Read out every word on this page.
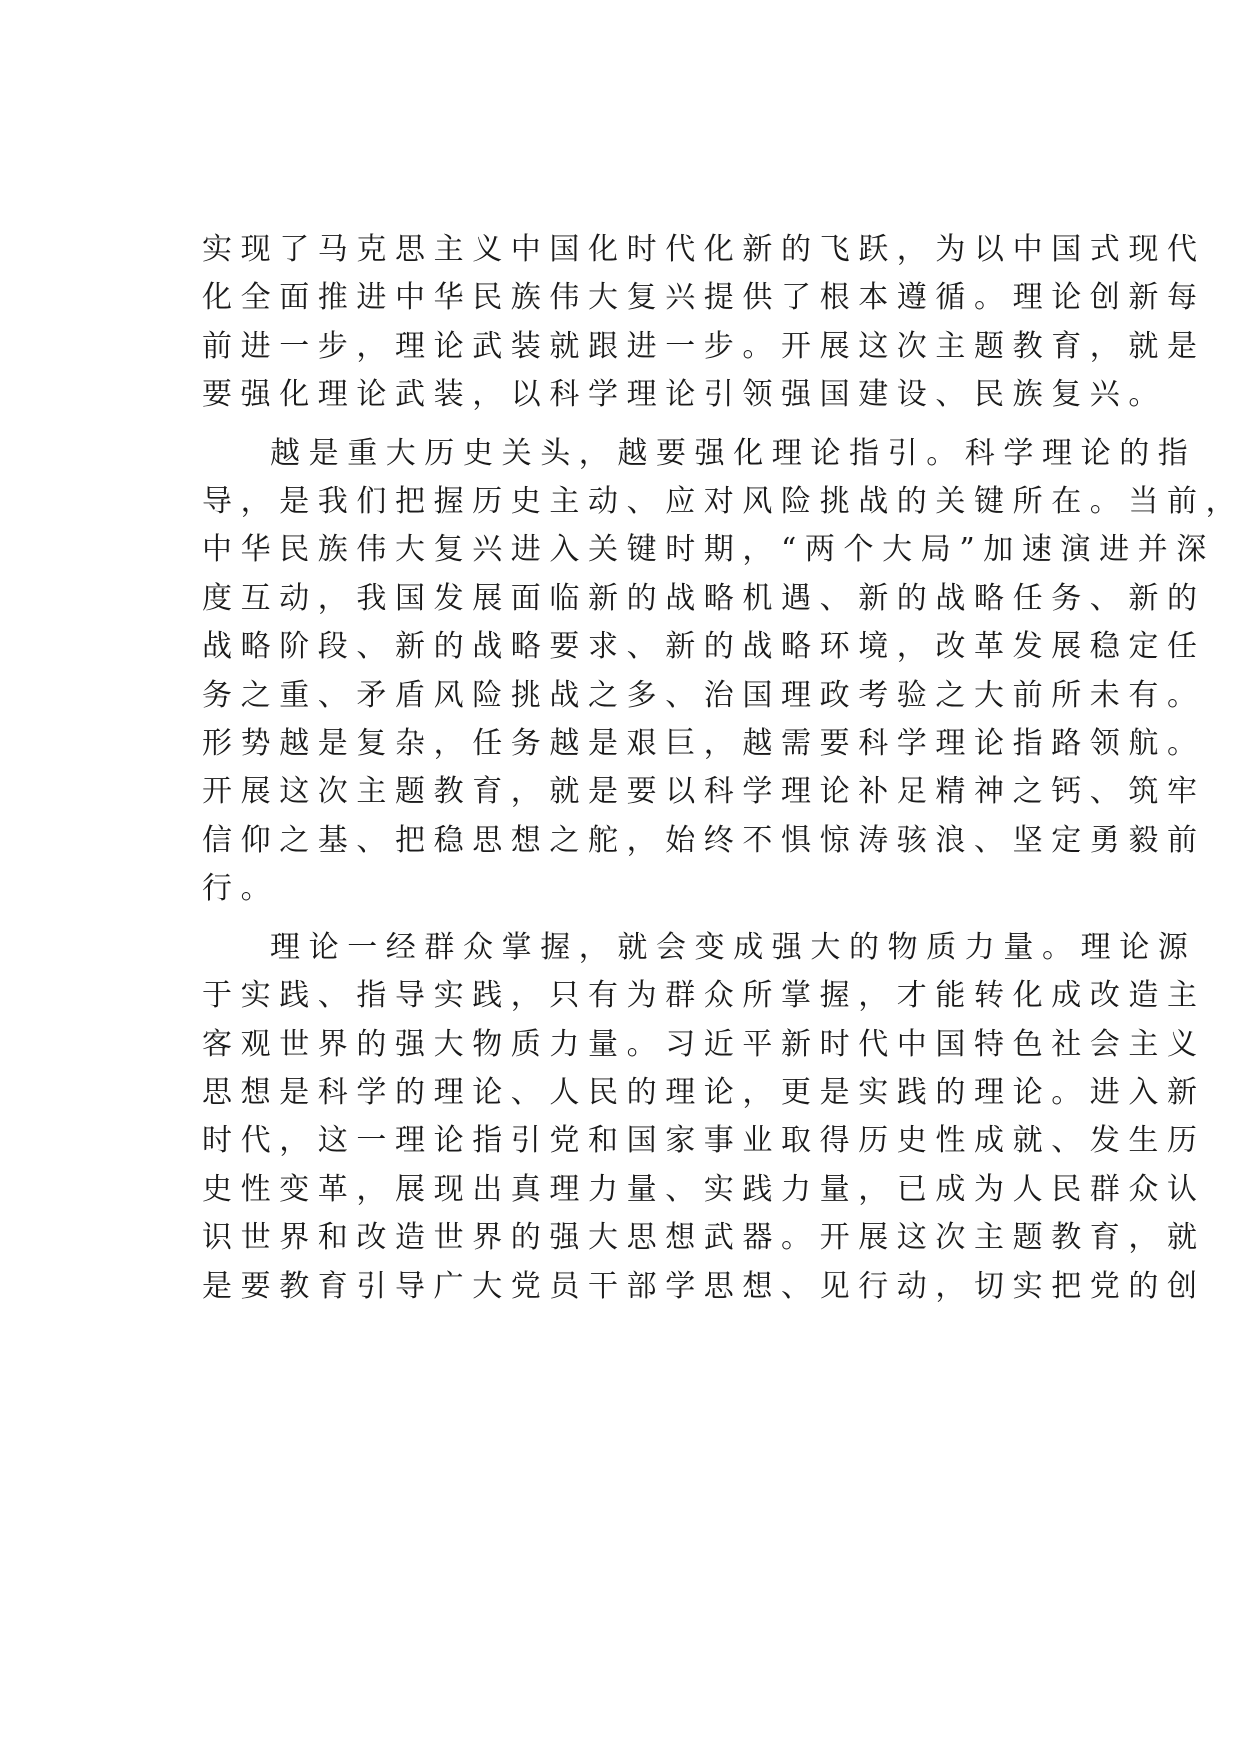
实现了马克思主义中国化时代化新的飞跃，为以中国式现代
化全面推进中华民族伟大复兴提供了根本遵循。理论创新每
前进一步，理论武装就跟进一步。开展这次主题教育，就是
要强化理论武装，以科学理论引领强国建设、民族复兴。

越是重大历史关头，越要强化理论指引。科学理论的指
导，是我们把握历史主动、应对风险挑战的关键所在。当前，
中华民族伟大复兴进入关键时期，“两个大局”加速演进并深
度互动，我国发展面临新的战略机遇、新的战略任务、新的
战略阶段、新的战略要求、新的战略环境，改革发展稳定任
务之重、矛盾风险挑战之多、治国理政考验之大前所未有。
形势越是复杂，任务越是艰巨，越需要科学理论指路领航。
开展这次主题教育，就是要以科学理论补足精神之钙、筑牢
信仰之基、把稳思想之舵，始终不惧惊涛骇浪、坚定勇毅前
行。

理论一经群众掌握，就会变成强大的物质力量。理论源
于实践、指导实践，只有为群众所掌握，才能转化成改造主
客观世界的强大物质力量。习近平新时代中国特色社会主义
思想是科学的理论、人民的理论，更是实践的理论。进入新
时代，这一理论指引党和国家事业取得历史性成就、发生历
史性变革，展现出真理力量、实践力量，已成为人民群众认
识世界和改造世界的强大思想武器。开展这次主题教育，就
是要教育引导广大党员干部学思想、见行动，切实把党的创
